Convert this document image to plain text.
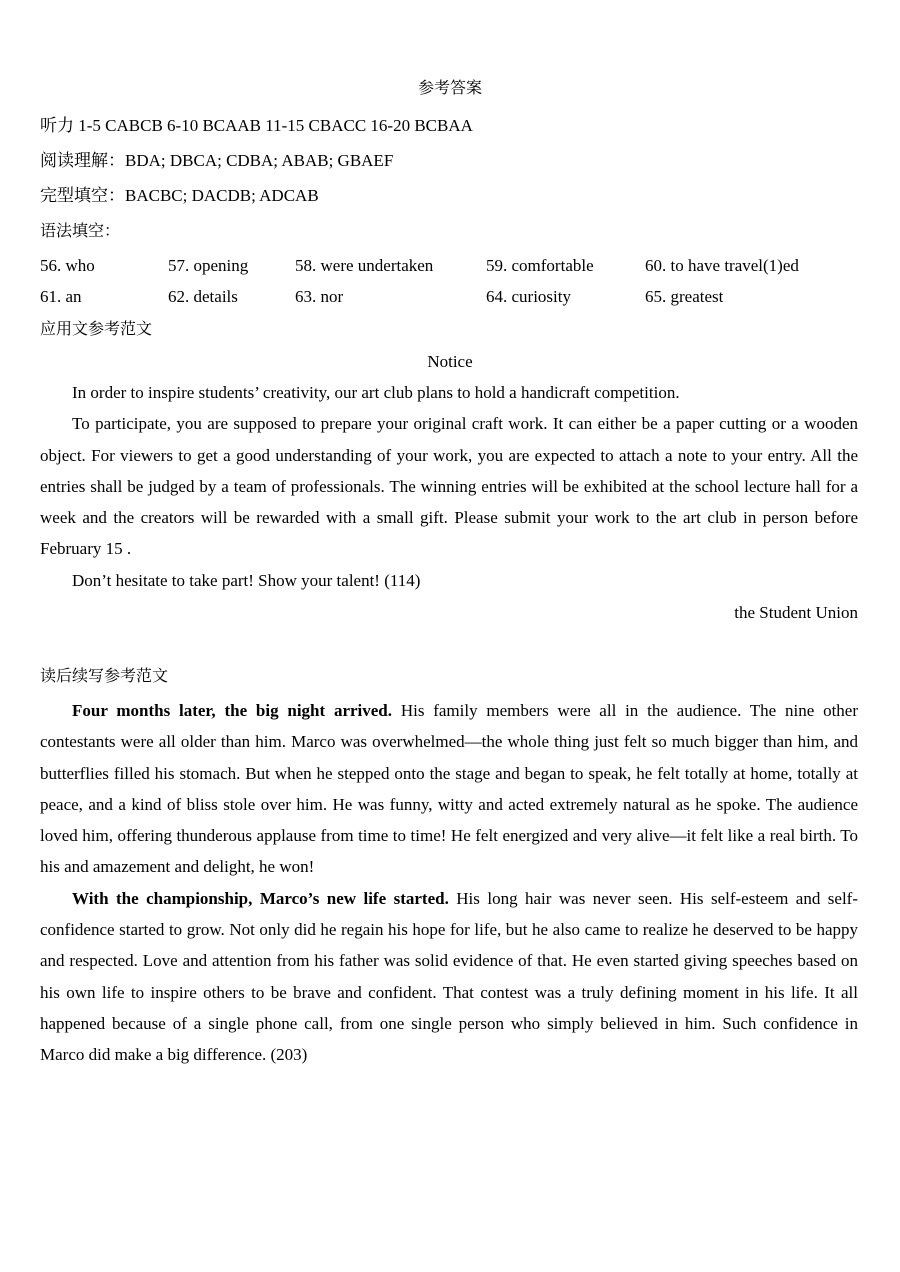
参考答案
听力 1-5 CABCB 6-10 BCAAB 11-15 CBACC 16-20 BCBAA
阅读理解：BDA; DBCA; CDBA; ABAB; GBAEF
完型填空：BACBC; DACDB; ADCAB
语法填空：
56. who	57. opening	58. were undertaken	59. comfortable	60. to have travel(1)ed
61. an	62. details	63. nor	64. curiosity	65. greatest
应用文参考范文
Notice

In order to inspire students’ creativity, our art club plans to hold a handicraft competition.

To participate, you are supposed to prepare your original craft work. It can either be a paper cutting or a wooden object. For viewers to get a good understanding of your work, you are expected to attach a note to your entry. All the entries shall be judged by a team of professionals. The winning entries will be exhibited at the school lecture hall for a week and the creators will be rewarded with a small gift. Please submit your work to the art club in person before February 15 .

Don’t hesitate to take part! Show your talent! (114)

the Student Union
读后续写参考范文

Four months later, the big night arrived. His family members were all in the audience. The nine other contestants were all older than him. Marco was overwhelmed—the whole thing just felt so much bigger than him, and butterflies filled his stomach. But when he stepped onto the stage and began to speak, he felt totally at home, totally at peace, and a kind of bliss stole over him. He was funny, witty and acted extremely natural as he spoke. The audience loved him, offering thunderous applause from time to time! He felt energized and very alive—it felt like a real birth. To his and amazement and delight, he won!

With the championship, Marco’s new life started. His long hair was never seen. His self-esteem and self-confidence started to grow. Not only did he regain his hope for life, but he also came to realize he deserved to be happy and respected. Love and attention from his father was solid evidence of that. He even started giving speeches based on his own life to inspire others to be brave and confident. That contest was a truly defining moment in his life. It all happened because of a single phone call, from one single person who simply believed in him. Such confidence in Marco did make a big difference. (203)
